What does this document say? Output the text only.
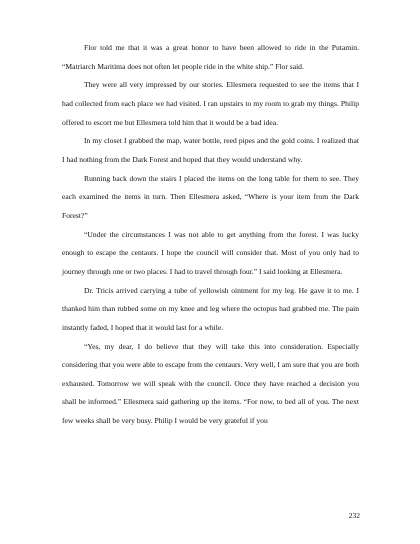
Flor told me that it was a great honor to have been allowed to ride in the Putamin. “Matriarch Maritima does not often let people ride in the white ship.” Flor said.

They were all very impressed by our stories. Ellesmera requested to see the items that I had collected from each place we had visited. I ran upstairs to my room to grab my things. Philip offered to escort me but Ellesmera told him that it would be a bad idea.

In my closet I grabbed the map, water bottle, reed pipes and the gold coins. I realized that I had nothing from the Dark Forest and hoped that they would understand why.

Running back down the stairs I placed the items on the long table for them to see. They each examined the items in turn. Then Ellesmera asked, “Where is your item from the Dark Forest?”

“Under the circumstances I was not able to get anything from the forest. I was lucky enough to escape the centaurs. I hope the council will consider that. Most of you only had to journey through one or two places. I had to travel through four.” I said looking at Ellesmera.

Dr. Tricis arrived carrying a tube of yellowish ointment for my leg. He gave it to me. I thanked him than rubbed some on my knee and leg where the octopus had grabbed me. The pain instantly faded, I hoped that it would last for a while.

“Yes, my dear, I do believe that they will take this into consideration. Especially considering that you were able to escape from the centaurs. Very well, I am sure that you are both exhausted. Tomorrow we will speak with the council. Once they have reached a decision you shall be informed.” Ellesmera said gathering up the items. “For now, to bed all of you. The next few weeks shall be very busy. Philip I would be very grateful if you

232
